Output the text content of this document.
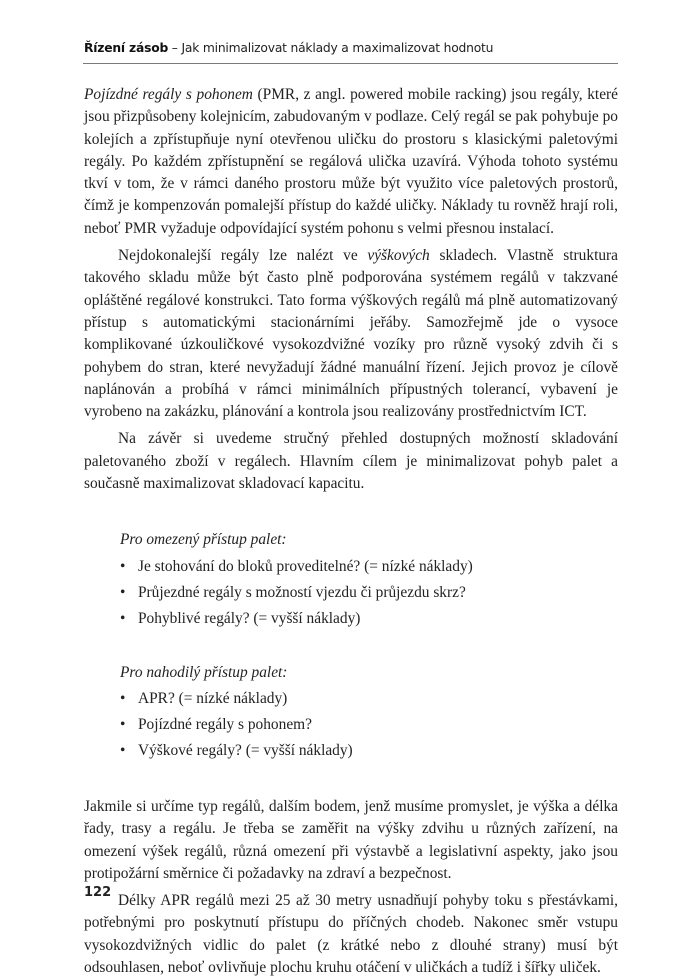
Řízení zásob – Jak minimalizovat náklady a maximalizovat hodnotu

Pojízdné regály s pohonem (PMR, z angl. powered mobile racking) jsou regály, které jsou přizpůsobeny kolejnicím, zabudovaným v podlaze. Celý regál se pak pohybuje po kolejích a zpřístupňuje nyní otevřenou uličku do prostoru s klasickými paletovými regály. Po každém zpřístupnění se regálová ulička uzavírá. Výhoda tohoto systému tkví v tom, že v rámci daného prostoru může být využito více paletových prostorů, čímž je kompenzován pomalejší přístup do každé uličky. Náklady tu rovněž hrají roli, neboť PMR vyžaduje odpovídající systém pohonu s velmi přesnou instalací.

Nejdokonalejší regály lze nalézt ve výškových skladech. Vlastně struktura takového skladu může být často plně podporována systémem regálů v takzvané opláštěné regálové konstrukci. Tato forma výškových regálů má plně automatizovaný přístup s automatickými stacionárními jeřáby. Samozřejmě jde o vysoce komplikované úzkouličkové vysokozdvižné vozíky pro různě vysoký zdvih či s pohybem do stran, které nevyžadují žádné manuální řízení. Jejich provoz je cílově naplánován a probíhá v rámci minimálních přípustných tolerancí, vybavení je vyrobeno na zakázku, plánování a kontrola jsou realizovány prostřednictvím ICT.

Na závěr si uvedeme stručný přehled dostupných možností skladování paletovaného zboží v regálech. Hlavním cílem je minimalizovat pohyb palet a současně maximalizovat skladovací kapacitu.

Pro omezený přístup palet:

• Je stohování do bloků proveditelné? (= nízké náklady)
• Průjezdné regály s možností vjezdu či průjezdu skrz?
• Pohyblivé regály? (= vyšší náklady)

Pro nahodilý přístup palet:

• APR? (= nízké náklady)
• Pojízdné regály s pohonem?
• Výškové regály? (= vyšší náklady)

Jakmile si určíme typ regálů, dalším bodem, jenž musíme promyslet, je výška a délka řady, trasy a regálu. Je třeba se zaměřit na výšky zdvihu u různých zařízení, na omezení výšek regálů, různá omezení při výstavbě a legislativní aspekty, jako jsou protipožární směrnice či požadavky na zdraví a bezpečnost.

Délky APR regálů mezi 25 až 30 metry usnadňují pohyby toku s přestávkami, potřebnými pro poskytnutí přístupu do příčných chodeb. Nakonec směr vstupu vysokozdvižných vidlic do palet (z krátké nebo z dlouhé strany) musí být odsouhlasen, neboť ovlivňuje plochu kruhu otáčení v uličkách a tudíž i šířky uliček.

122
